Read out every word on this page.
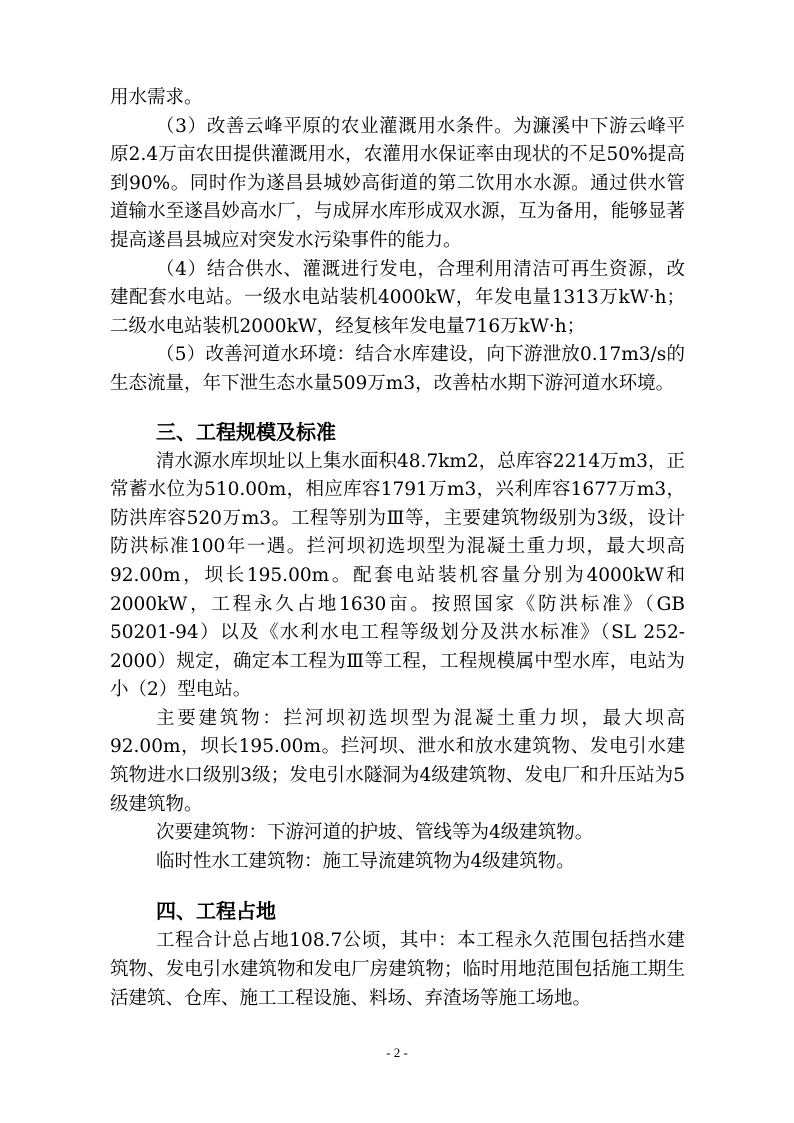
用水需求。

（3）改善云峰平原的农业灌溉用水条件。为濂溪中下游云峰平原2.4万亩农田提供灌溉用水，农灌用水保证率由现状的不足50%提高到90%。同时作为遂昌县城妙高街道的第二饮用水水源。通过供水管道输水至遂昌妙高水厂，与成屏水库形成双水源，互为备用，能够显著提高遂昌县城应对突发水污染事件的能力。

（4）结合供水、灌溉进行发电，合理利用清洁可再生资源，改建配套水电站。一级水电站装机4000kW，年发电量1313万kW·h；二级水电站装机2000kW，经复核年发电量716万kW·h；

（5）改善河道水环境：结合水库建设，向下游泄放0.17m3/s的生态流量，年下泄生态水量509万m3，改善枯水期下游河道水环境。

三、工程规模及标准

清水源水库坝址以上集水面积48.7km2，总库容2214万m3，正常蓄水位为510.00m，相应库容1791万m3，兴利库容1677万m3，防洪库容520万m3。工程等别为Ⅲ等，主要建筑物级别为3级，设计防洪标准100年一遇。拦河坝初选坝型为混凝土重力坝，最大坝高92.00m，坝长195.00m。配套电站装机容量分别为4000kW和2000kW，工程永久占地1630亩。按照国家《防洪标准》（GB 50201-94）以及《水利水电工程等级划分及洪水标准》（SL 252-2000）规定，确定本工程为Ⅲ等工程，工程规模属中型水库，电站为小（2）型电站。

主要建筑物：拦河坝初选坝型为混凝土重力坝，最大坝高92.00m，坝长195.00m。拦河坝、泄水和放水建筑物、发电引水建筑物进水口级别3级；发电引水隧洞为4级建筑物、发电厂和升压站为5级建筑物。

次要建筑物：下游河道的护坡、管线等为4级建筑物。

临时性水工建筑物：施工导流建筑物为4级建筑物。

四、工程占地

工程合计总占地108.7公顷，其中：本工程永久范围包括挡水建筑物、发电引水建筑物和发电厂房建筑物；临时用地范围包括施工期生活建筑、仓库、施工工程设施、料场、弃渣场等施工场地。

- 2 -
